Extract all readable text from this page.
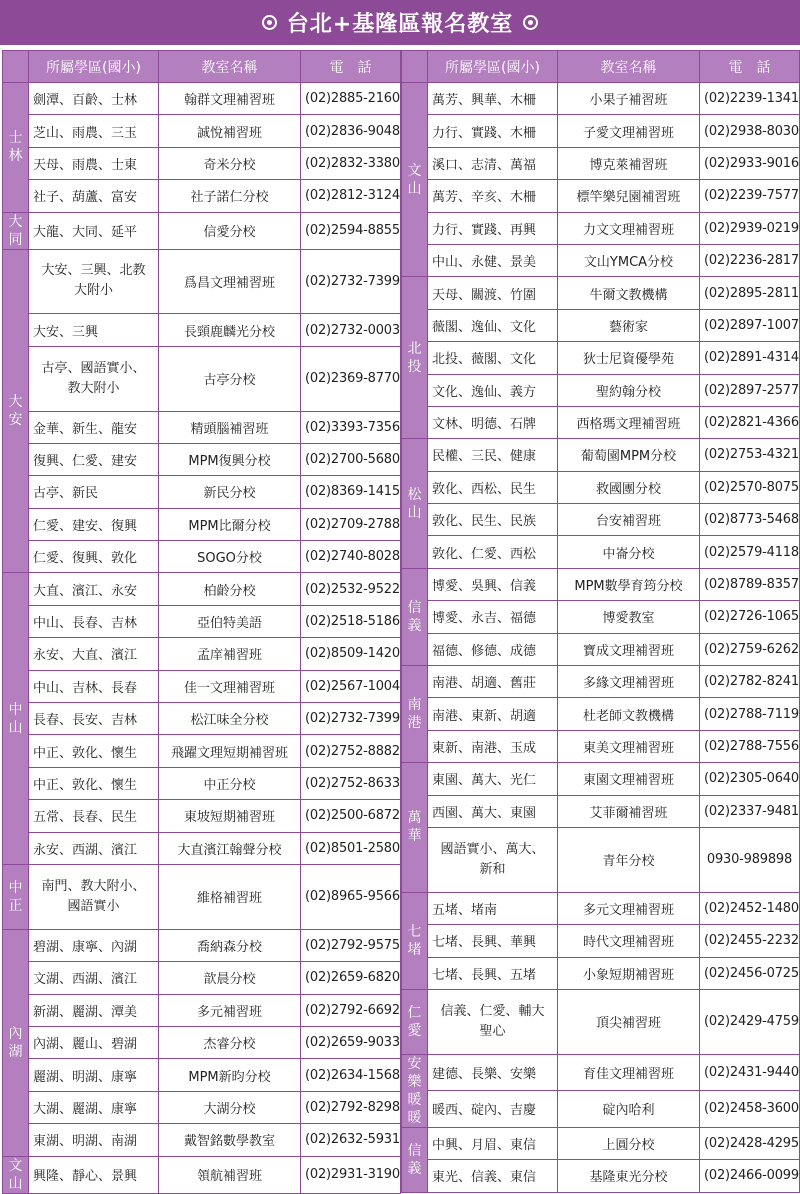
台北+基隆區報名教室
	所屬學區(國小)	教室名稱	電　話
士林	劍潭、百齡、士林	翰群文理補習班	(02)2885-2160
	芝山、雨農、三玉	誠悅補習班	(02)2836-9048
	天母、雨農、士東	奇米分校	(02)2832-3380
	社子、葫蘆、富安	社子諾仁分校	(02)2812-3124
大同	大龍、大同、延平	信愛分校	(02)2594-8855
大安	大安、三興、北教大附小	爲昌文理補習班	(02)2732-7399

	大安、三興	長頸鹿麟光分校	(02)2732-0003
	古亭、國語實小、教大附小	古亭分校	(02)2369-8770

	金華、新生、龍安	精頭腦補習班	(02)3393-7356
	復興、仁愛、建安	MPM復興分校	(02)2700-5680
	古亭、新民	新民分校	(02)8369-1415
	仁愛、建安、復興	MPM比爾分校	(02)2709-2788
	仁愛、復興、敦化	SOGO分校	(02)2740-8028
中山	大直、濱江、永安	柏齡分校	(02)2532-9522
	中山、長春、吉林	亞伯特美語	(02)2518-5186
	永安、大直、濱江	孟庠補習班	(02)8509-1420
	中山、吉林、長春	佳一文理補習班	(02)2567-1004
	長春、長安、吉林	松江味全分校	(02)2732-7399
	中正、敦化、懷生	飛躍文理短期補習班	(02)2752-8882
	中正、敦化、懷生	中正分校	(02)2752-8633
	五常、長春、民生	東坡短期補習班	(02)2500-6872
	永安、西湖、濱江	大直濱江翰聲分校	(02)8501-2580
中正	南門、教大附小、國語實小	維格補習班	(02)8965-9566

內湖	碧湖、康寧、內湖	喬納森分校	(02)2792-9575
	文湖、西湖、濱江	歆晨分校	(02)2659-6820
	新湖、麗湖、潭美	多元補習班	(02)2792-6692
	內湖、麗山、碧湖	杰睿分校	(02)2659-9033
	麗湖、明湖、康寧	MPM新昀分校	(02)2634-1568
	大湖、麗湖、康寧	大湖分校	(02)2792-8298
	東湖、明湖、南湖	戴智銘數學教室	(02)2632-5931
文山	興隆、靜心、景興	領航補習班	(02)2931-3190
	所屬學區(國小)	教室名稱	電　話
文山	萬芳、興華、木柵	小果子補習班	(02)2239-1341
	力行、實踐、木柵	子愛文理補習班	(02)2938-8030
	溪口、志清、萬福	博克萊補習班	(02)2933-9016
	萬芳、辛亥、木柵	標竿樂兒園補習班	(02)2239-7577
	力行、實踐、再興	力文文理補習班	(02)2939-0219
	中山、永健、景美	文山YMCA分校	(02)2236-2817
北投	天母、關渡、竹圍	牛爾文教機構	(02)2895-2811
	薇閣、逸仙、文化	藝術家	(02)2897-1007
	北投、薇閣、文化	狄士尼資優學苑	(02)2891-4314
	文化、逸仙、義方	聖約翰分校	(02)2897-2577
	文林、明德、石牌	西格瑪文理補習班	(02)2821-4366
松山	民權、三民、健康	葡萄園MPM分校	(02)2753-4321
	敦化、西松、民生	救國團分校	(02)2570-8075
	敦化、民生、民族	台安補習班	(02)8773-5468
	敦化、仁愛、西松	中崙分校	(02)2579-4118
信義	博愛、吳興、信義	MPM數學育筠分校	(02)8789-8357
	博愛、永吉、福德	博愛教室	(02)2726-1065
	福德、修德、成德	寶成文理補習班	(02)2759-6262
南港	南港、胡適、舊莊	多緣文理補習班	(02)2782-8241
	南港、東新、胡適	杜老師文教機構	(02)2788-7119
	東新、南港、玉成	東美文理補習班	(02)2788-7556
萬華	東園、萬大、光仁	東園文理補習班	(02)2305-0640
	西園、萬大、東園	艾菲爾補習班	(02)2337-9481
	國語實小、萬大、新和	青年分校	0930-989898

七堵	五堵、堵南	多元文理補習班	(02)2452-1480
	七堵、長興、華興	時代文理補習班	(02)2455-2232
	七堵、長興、五堵	小象短期補習班	(02)2456-0725
仁愛	信義、仁愛、輔大聖心	頂尖補習班	(02)2429-4759

安樂暖暖	建德、長樂、安樂	育佳文理補習班	(02)2431-9440
	暖西、碇內、吉慶	碇內哈利	(02)2458-3600
信義	中興、月眉、東信	上圓分校	(02)2428-4295
	東光、信義、東信	基隆東光分校	(02)2466-0099
